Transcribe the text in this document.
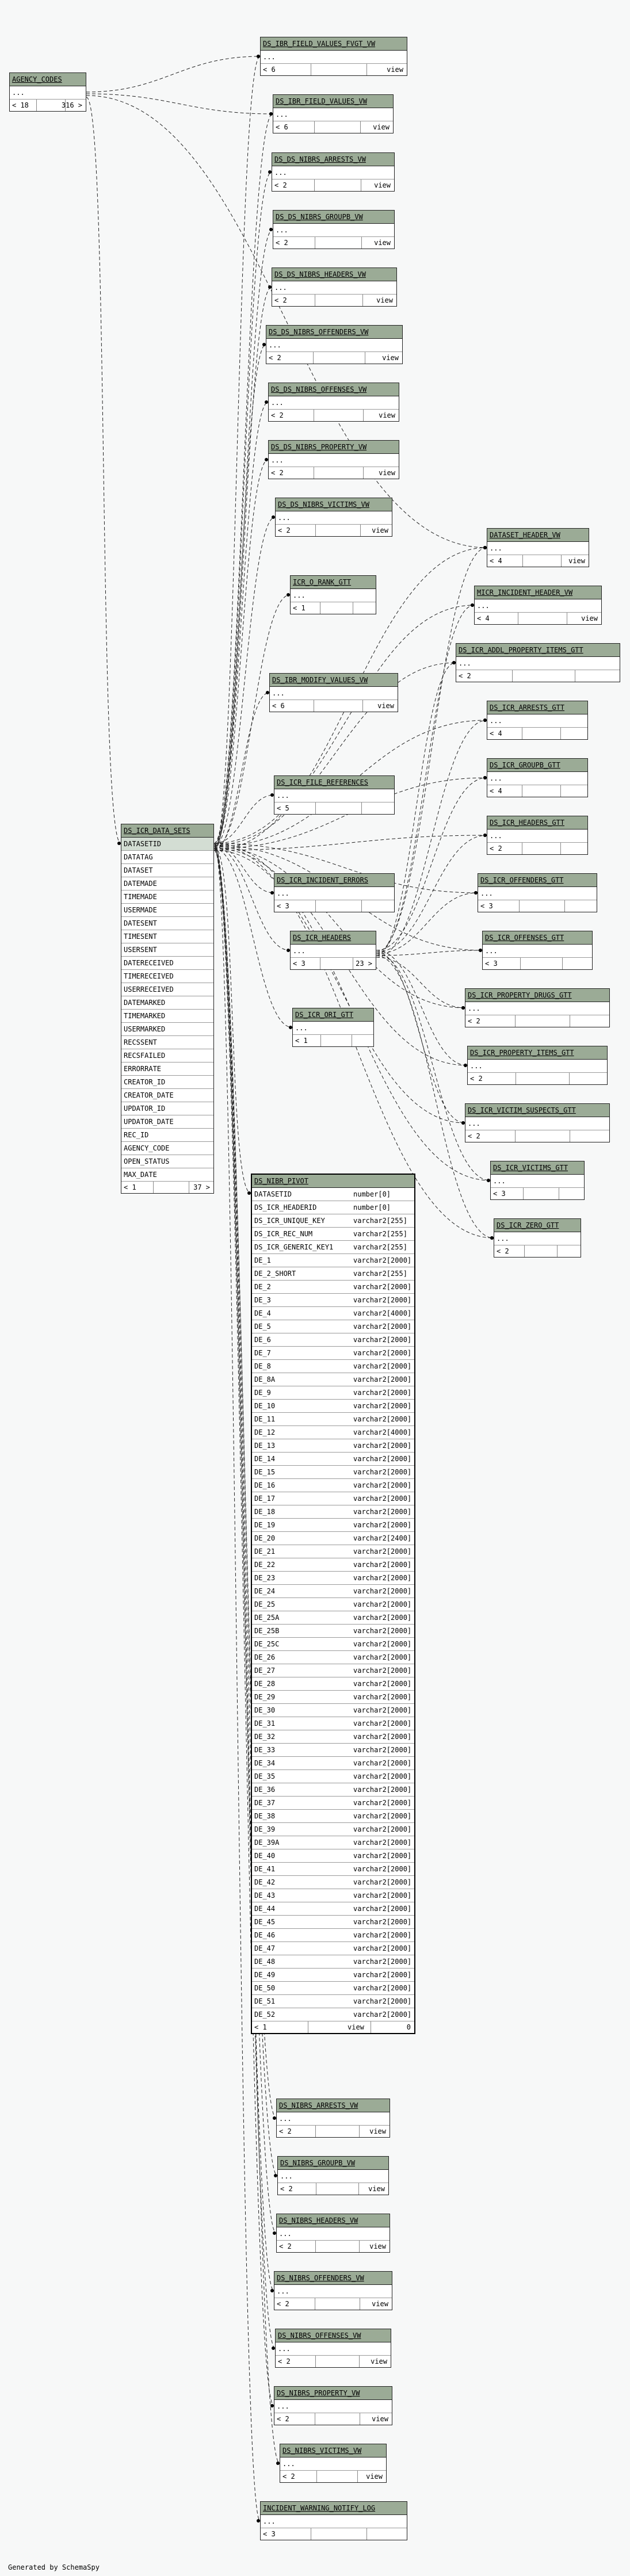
AGENCY_CODES
...
< 18	316 >
DS_IBR_FIELD_VALUES_FVGT_VW
...
< 6	view
DS_IBR_FIELD_VALUES_VW
...
< 6	view
DS_DS_NIBRS_ARRESTS_VW
...
< 2	view
DS_DS_NIBRS_GROUPB_VW
...
< 2	view
DS_DS_NIBRS_HEADERS_VW
...
< 2	view
DS_DS_NIBRS_OFFENDERS_VW
...
< 2	view
DS_DS_NIBRS_OFFENSES_VW
...
< 2	view
DS_DS_NIBRS_PROPERTY_VW
...
< 2	view
DS_DS_NIBRS_VICTIMS_VW
...
< 2	view
DATASET_HEADER_VW
...
< 4	view
ICR_O_RANK_GTT
...
< 1
MICR_INCIDENT_HEADER_VW
...
< 4	view
DS_ICR_ADDL_PROPERTY_ITEMS_GTT
...
< 2
DS_IBR_MODIFY_VALUES_VW
...
< 6	view	DS_ICR_ARRESTS_GTT
...
< 4
DS_ICR_GROUPB_GTT
...
< 4
DS_ICR_FILE_REFERENCES
...
< 5
DS_ICR_HEADERS_GTT
...
< 2
DS_ICR_INCIDENT_ERRORS
...
< 3
DS_ICR_OFFENDERS_GTT
...
< 3
DS_ICR_HEADERS
...
< 3	23 >
DS_ICR_OFFENSES_GTT
...
< 3
DS_ICR_PROPERTY_DRUGS_GTT
...
< 2
DS_ICR_ORI_GTT
...
< 1
DS_ICR_PROPERTY_ITEMS_GTT
...
< 2
DS_ICR_VICTIM_SUSPECTS_GTT
...
< 2
DS_ICR_VICTIMS_GTT
...
< 3
DS_ICR_ZERO_GTT
...
< 2
DS_ICR_DATA_SETS
DATASETID
DATATAG
DATASET
DATEMADE
TIMEMADE
USERMADE
DATESENT
TIMESENT
USERSENT
DATERECEIVED
TIMERECEIVED
USERRECEIVED
DATEMARKED
TIMEMARKED
USERMARKED
RECSSENT
RECSFAILED
ERRORRATE
CREATOR_ID
CREATOR_DATE
UPDATOR_ID
UPDATOR_DATE
REC_ID
AGENCY_CODE
OPEN_STATUS
MAX_DATE
< 1	37 >
DS_NIBR_PIVOT
DATASETID	number[0]
DS_ICR_HEADERID	number[0]
DS_ICR_UNIQUE_KEY	varchar2[255]
DS_ICR_REC_NUM	varchar2[255]
DS_ICR_GENERIC_KEY1	varchar2[255]
DE_1	varchar2[2000]
DE_2_SHORT	varchar2[255]
DE_2	varchar2[2000]
DE_3	varchar2[2000]
DE_4	varchar2[4000]
DE_5	varchar2[2000]
DE_6	varchar2[2000]
DE_7	varchar2[2000]
DE_8	varchar2[2000]
DE_8A	varchar2[2000]
DE_9	varchar2[2000]
DE_10	varchar2[2000]
DE_11	varchar2[2000]
DE_12	varchar2[4000]
DE_13	varchar2[2000]
DE_14	varchar2[2000]
DE_15	varchar2[2000]
DE_16	varchar2[2000]
DE_17	varchar2[2000]
DE_18	varchar2[2000]
DE_19	varchar2[2000]
DE_20	varchar2[2400]
DE_21	varchar2[2000]
DE_22	varchar2[2000]
DE_23	varchar2[2000]
DE_24	varchar2[2000]
DE_25	varchar2[2000]
DE_25A	varchar2[2000]
DE_25B	varchar2[2000]
DE_25C	varchar2[2000]
DE_26	varchar2[2000]
DE_27	varchar2[2000]
DE_28	varchar2[2000]
DE_29	varchar2[2000]
DE_30	varchar2[2000]
DE_31	varchar2[2000]
DE_32	varchar2[2000]
DE_33	varchar2[2000]
DE_34	varchar2[2000]
DE_35	varchar2[2000]
DE_36	varchar2[2000]
DE_37	varchar2[2000]
DE_38	varchar2[2000]
DE_39	varchar2[2000]
DE_39A	varchar2[2000]
DE_40	varchar2[2000]
DE_41	varchar2[2000]
DE_42	varchar2[2000]
DE_43	varchar2[2000]
DE_44	varchar2[2000]
DE_45	varchar2[2000]
DE_46	varchar2[2000]
DE_47	varchar2[2000]
DE_48	varchar2[2000]
DE_49	varchar2[2000]
DE_50	varchar2[2000]
DE_51	varchar2[2000]
DE_52	varchar2[2000]
< 1	view	0
DS_NIBRS_ARRESTS_VW
...
< 2	view
DS_NIBRS_GROUPB_VW
...
< 2	view
DS_NIBRS_HEADERS_VW
...
< 2	view
DS_NIBRS_OFFENDERS_VW
...
< 2	view
DS_NIBRS_OFFENSES_VW
...
< 2	view
DS_NIBRS_PROPERTY_VW
...
< 2	view
DS_NIBRS_VICTIMS_VW
...
< 2	view
INCIDENT_WARNING_NOTIFY_LOG
...
< 3
Generated by SchemaSpy
